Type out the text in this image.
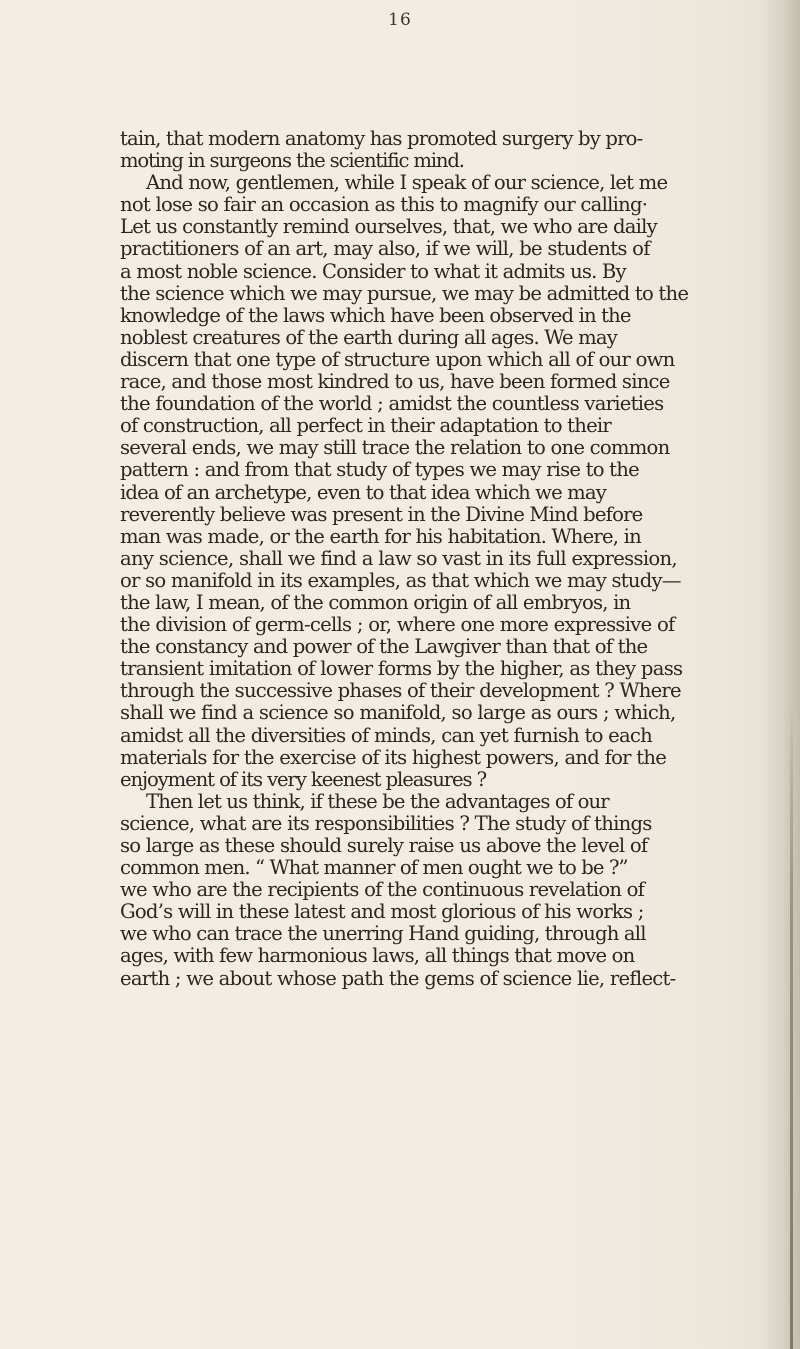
16
tain, that modern anatomy has promoted surgery by pro-
moting in surgeons the scientific mind.
And now, gentlemen, while I speak of our science, let me
not lose so fair an occasion as this to magnify our calling·
Let us constantly remind ourselves, that, we who are daily
practitioners of an art, may also, if we will, be students of
a most noble science. Consider to what it admits us. By
the science which we may pursue, we may be admitted to the
knowledge of the laws which have been observed in the
noblest creatures of the earth during all ages. We may
discern that one type of structure upon which all of our own
race, and those most kindred to us, have been formed since
the foundation of the world ; amidst the countless varieties
of construction, all perfect in their adaptation to their
several ends, we may still trace the relation to one common
pattern : and from that study of types we may rise to the
idea of an archetype, even to that idea which we may
reverently believe was present in the Divine Mind before
man was made, or the earth for his habitation. Where, in
any science, shall we find a law so vast in its full expression,
or so manifold in its examples, as that which we may study—
the law, I mean, of the common origin of all embryos, in
the division of germ-cells ; or, where one more expressive of
the constancy and power of the Lawgiver than that of the
transient imitation of lower forms by the higher, as they pass
through the successive phases of their development ? Where
shall we find a science so manifold, so large as ours ; which,
amidst all the diversities of minds, can yet furnish to each
materials for the exercise of its highest powers, and for the
enjoyment of its very keenest pleasures ?
Then let us think, if these be the advantages of our
science, what are its responsibilities ? The study of things
so large as these should surely raise us above the level of
common men. “ What manner of men ought we to be ?”
we who are the recipients of the continuous revelation of
God’s will in these latest and most glorious of his works ;
we who can trace the unerring Hand guiding, through all
ages, with few harmonious laws, all things that move on
earth ; we about whose path the gems of science lie, reflect-
